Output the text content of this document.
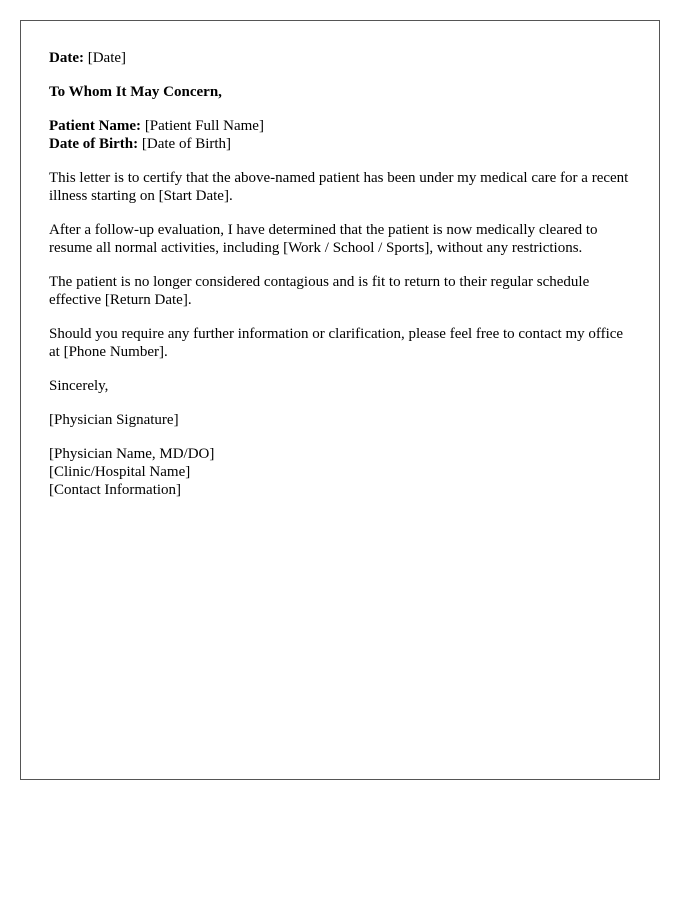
Date: [Date]

To Whom It May Concern,

Patient Name: [Patient Full Name]
Date of Birth: [Date of Birth]

This letter is to certify that the above-named patient has been under my medical care for a recent illness starting on [Start Date].

After a follow-up evaluation, I have determined that the patient is now medically cleared to resume all normal activities, including [Work / School / Sports], without any restrictions.

The patient is no longer considered contagious and is fit to return to their regular schedule effective [Return Date].

Should you require any further information or clarification, please feel free to contact my office at [Phone Number].

Sincerely,

[Physician Signature]

[Physician Name, MD/DO]
[Clinic/Hospital Name]
[Contact Information]
